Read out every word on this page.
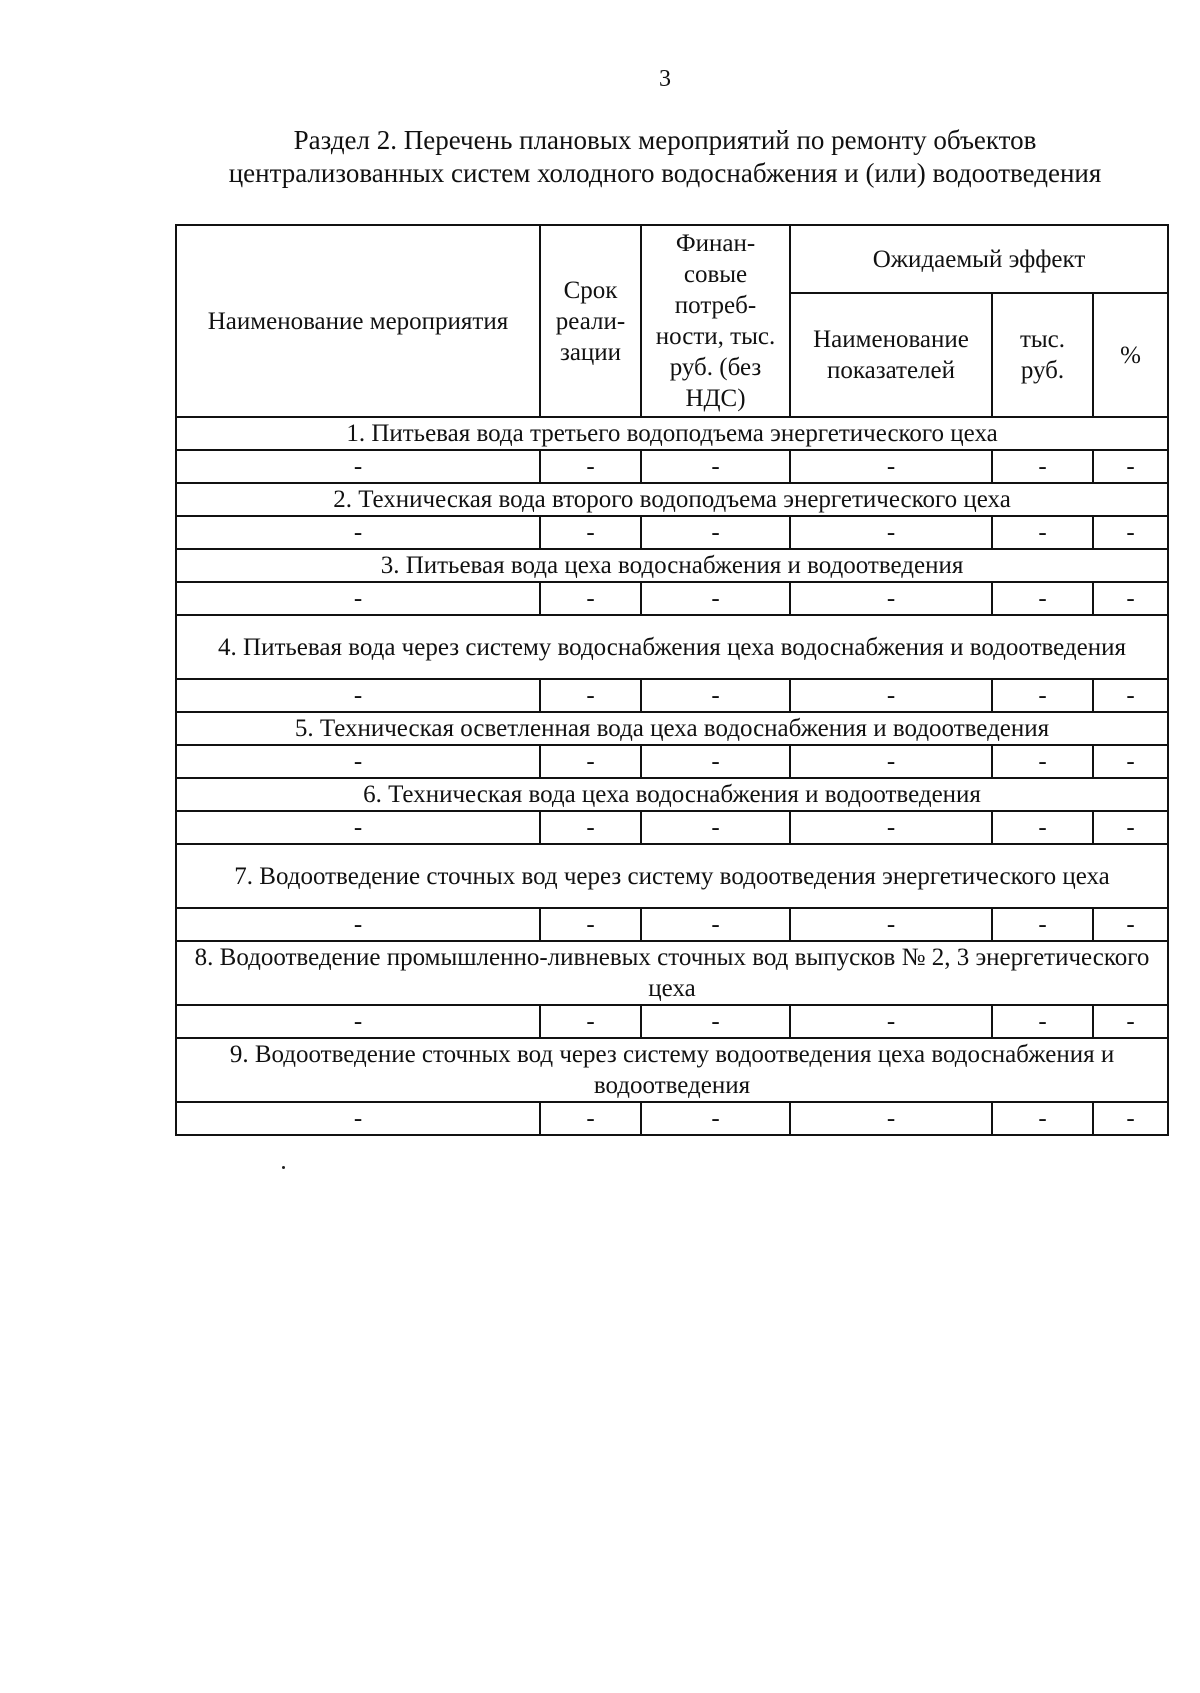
3
Раздел 2. Перечень плановых мероприятий по ремонту объектов
централизованных систем холодного водоснабжения и (или) водоотведения
Наименование мероприятия	Срок реали-зации	Финан-совые потреб-ности, тыс. руб. (без НДС)	Ожидаемый эффект		
			Наименование показателей	тыс. руб.	%
1. Питьевая вода третьего водоподъема энергетического цеха					
-	-	-	-	-	-
2. Техническая вода второго водоподъема энергетического цеха					
-	-	-	-	-	-
3. Питьевая вода цеха водоснабжения и водоотведения					
-	-	-	-	-	-
4. Питьевая вода через систему водоснабжения цеха водоснабжения и водоотведения					
-	-	-	-	-	-
5. Техническая осветленная вода цеха водоснабжения и водоотведения					
-	-	-	-	-	-
6. Техническая вода цеха водоснабжения и водоотведения					
-	-	-	-	-	-
7. Водоотведение сточных вод через систему водоотведения энергетического цеха					
-	-	-	-	-	-
8. Водоотведение промышленно-ливневых сточных вод выпусков № 2, 3 энергетического цеха					
-	-	-	-	-	-
9. Водоотведение сточных вод через систему водоотведения цеха водоснабжения и водоотведения					
-	-	-	-	-	-
